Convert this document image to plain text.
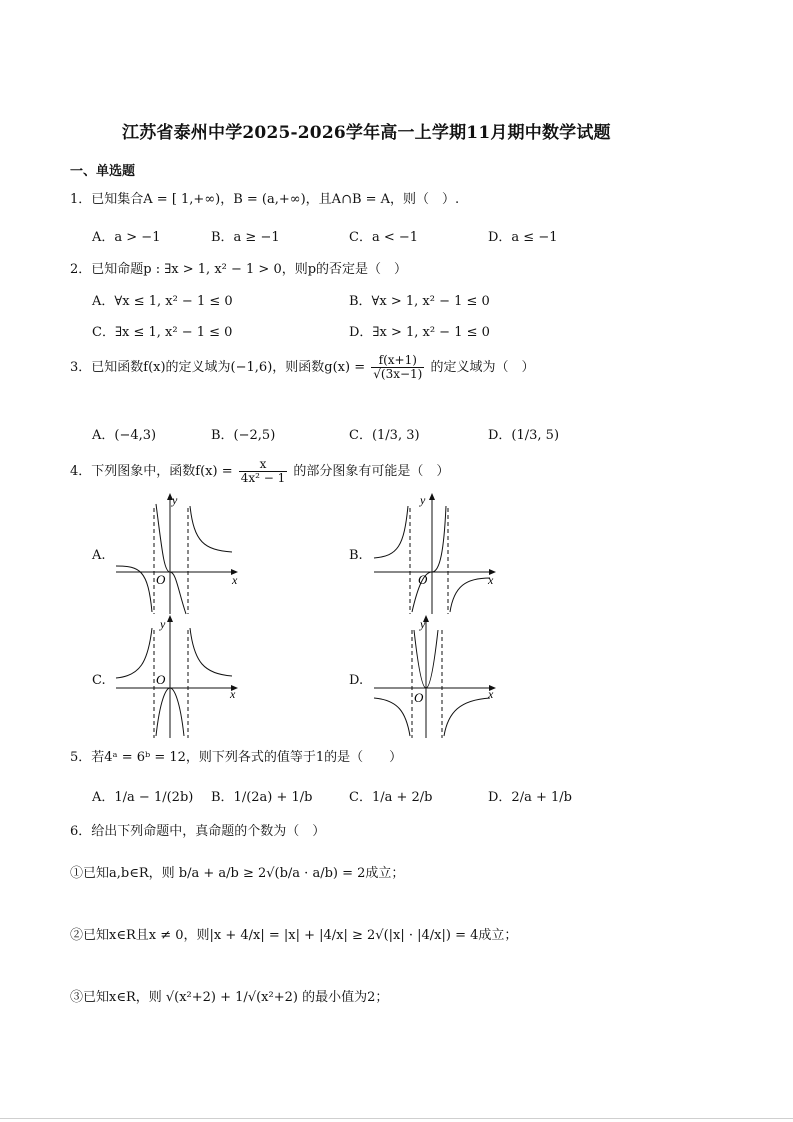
江苏省泰州中学2025-2026学年高一上学期11月期中数学试题
一、单选题
1．已知集合A = [ 1,+∞)，B = (a,+∞)，且A∩B = A，则（　）.
A．a > −1	B．a ≥ −1	C．a < −1	D．a ≤ −1
2．已知命题p : ∃x > 1, x² − 1 > 0，则p的否定是（　）
A．∀x ≤ 1, x² − 1 ≤ 0	B．∀x > 1, x² − 1 ≤ 0
C．∃x ≤ 1, x² − 1 ≤ 0	D．∃x > 1, x² − 1 ≤ 0
3．已知函数f(x)的定义域为(−1,6)，则函数$g(x) = \frac{f(x+1)}{√(3x-1)}$ 的定义域为（　）
A．(−4,3)	B．(−2,5)	C．(1/3, 3)	D．(1/3, 5)
4．下列图象中，函数$f(x) = \frac{x}{\text{4x² − 1}}$ 的部分图象有可能是（　）
A.	B.
C.	D.
y
x
O
y
x
O
y
x
O
y
x
O
5．若4ᵃ = 6ᵇ = 12，则下列各式的值等于1的是（　　）
A．1/a − 1/(2b) B．1/(2a) + 1/b	C．1/a + 2/b	D．2/a + 1/b
6．给出下列命题中，真命题的个数为（　）
①已知a,b∈R，则 b/a + a/b ≥ 2√(b/a · a/b) = 2成立；
②已知x∈R且x ≠ 0，则|x + 4/x| = |x| + |4/x| ≥ 2√(|x| · |4/x|) = 4成立；
③已知x∈R，则 √(x²+2) + 1/√(x²+2) 的最小值为2；
